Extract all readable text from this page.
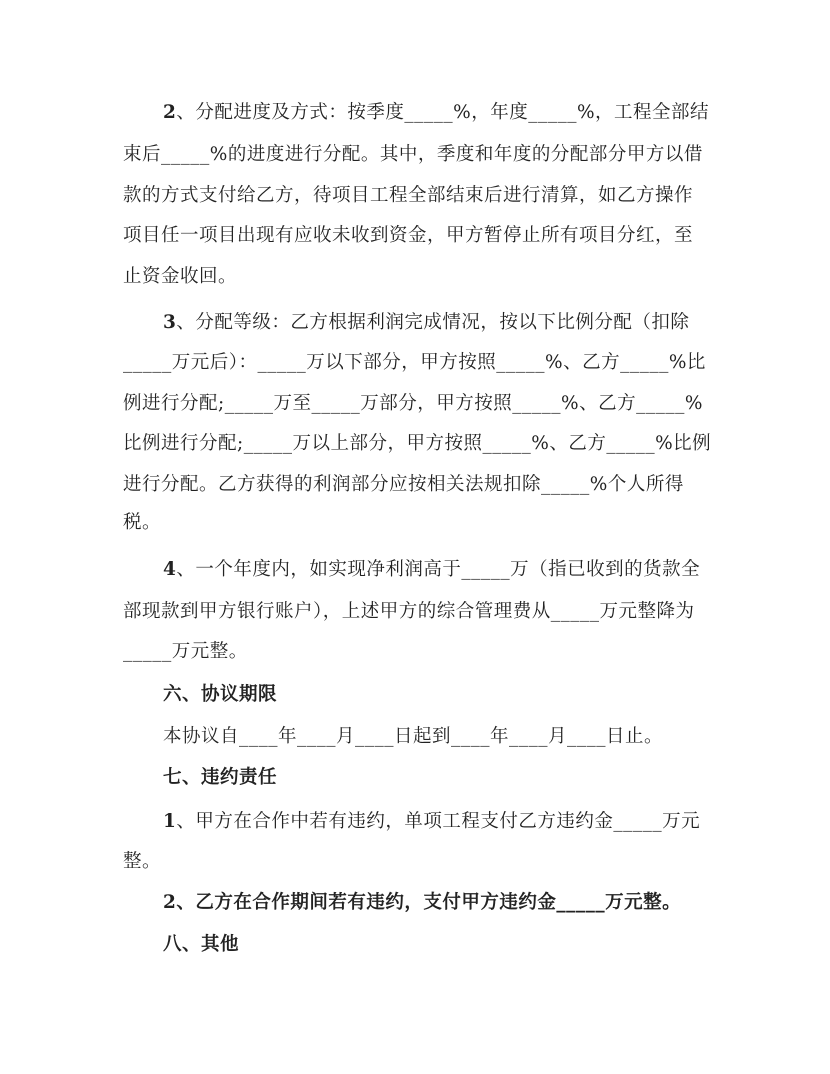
2、分配进度及方式：按季度_____%，年度_____%，工程全部结
束后_____%的进度进行分配。其中，季度和年度的分配部分甲方以借
款的方式支付给乙方，待项目工程全部结束后进行清算，如乙方操作
项目任一项目出现有应收未收到资金，甲方暂停止所有项目分红，至
止资金收回。
3、分配等级：乙方根据利润完成情况，按以下比例分配（扣除
_____万元后）：_____万以下部分，甲方按照_____%、乙方_____%比
例进行分配;_____万至_____万部分，甲方按照_____%、乙方_____%
比例进行分配;_____万以上部分，甲方按照_____%、乙方_____%比例
进行分配。乙方获得的利润部分应按相关法规扣除_____%个人所得
税。
4、一个年度内，如实现净利润高于_____万（指已收到的货款全
部现款到甲方银行账户），上述甲方的综合管理费从_____万元整降为
_____万元整。
六、协议期限
本协议自____年____月____日起到____年____月____日止。
七、违约责任
1、甲方在合作中若有违约，单项工程支付乙方违约金_____万元
整。
2、乙方在合作期间若有违约，支付甲方违约金_____万元整。
八、其他
